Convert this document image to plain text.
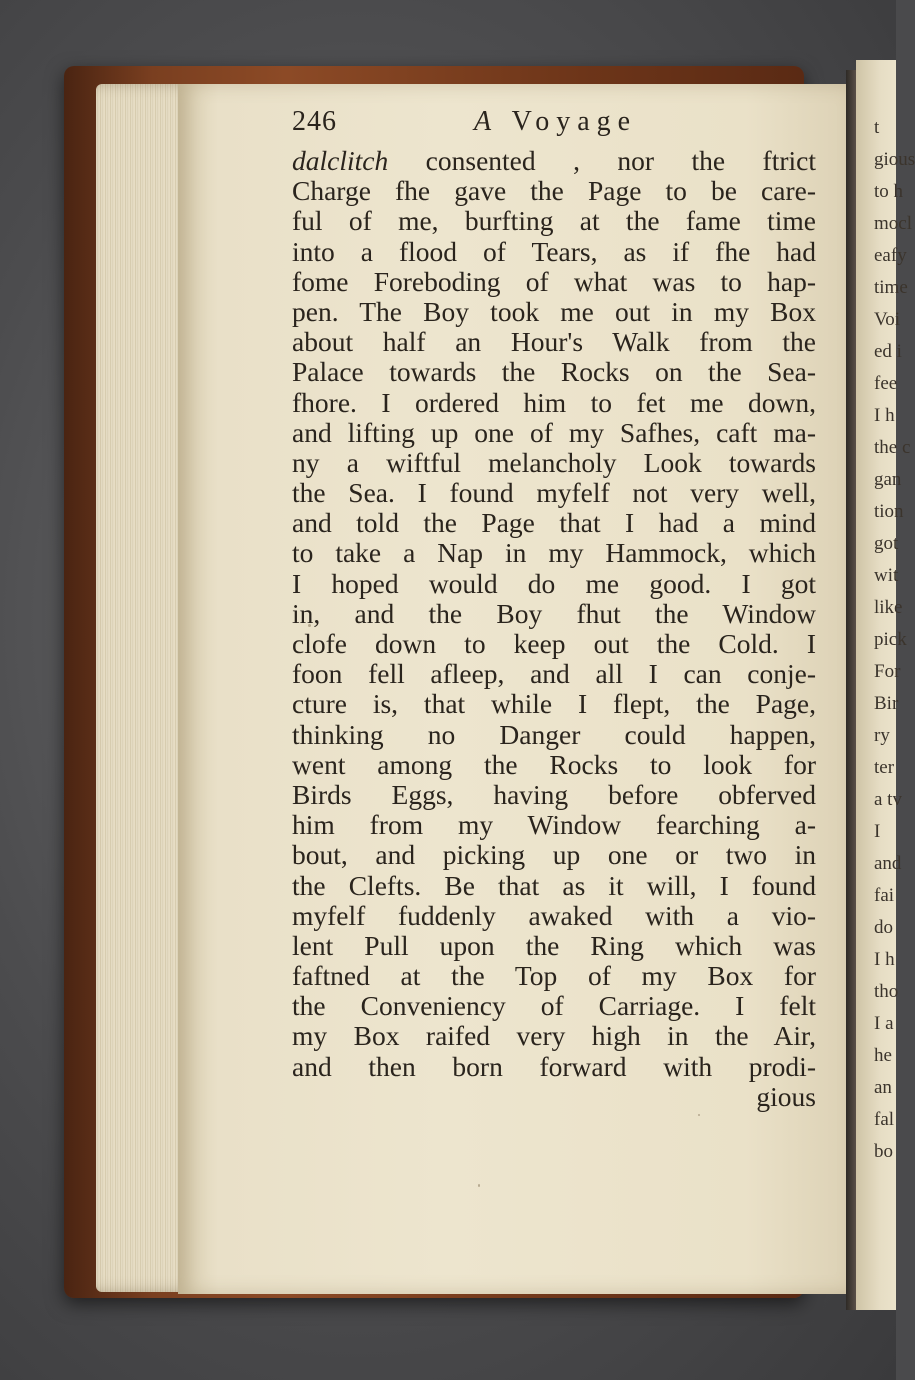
t
gious
to h
mocl
eafy
time
Voi
ed i
fee
I h
the c
gan
tion
got
wit
like
pick
For
Bir
ry
ter
a tv
I
and
fai
do
I h
tho
I a
he
an
fal
bo
246	A Voyage
dalclitch consented , nor the ftrict
Charge fhe gave the Page to be care-
ful of me, burfting at the fame time
into a flood of Tears, as if fhe had
fome Foreboding of what was to hap-
pen. The Boy took me out in my Box
about half an Hour's Walk from the
Palace towards the Rocks on the Sea-
fhore. I ordered him to fet me down,
and lifting up one of my Safhes, caft ma-
ny a wiftful melancholy Look towards
the Sea. I found myfelf not very well,
and told the Page that I had a mind
to take a Nap in my Hammock, which
I hoped would do me good. I got
in, and the Boy fhut the Window
clofe down to keep out the Cold. I
foon fell afleep, and all I can conje-
cture is, that while I flept, the Page,
thinking no Danger could happen,
went among the Rocks to look for
Birds Eggs, having before obferved
him from my Window fearching a-
bout, and picking up one or two in
the Clefts. Be that as it will, I found
myfelf fuddenly awaked with a vio-
lent Pull upon the Ring which was
faftned at the Top of my Box for
the Conveniency of Carriage. I felt
my Box raifed very high in the Air,
and then born forward with prodi-
gious
